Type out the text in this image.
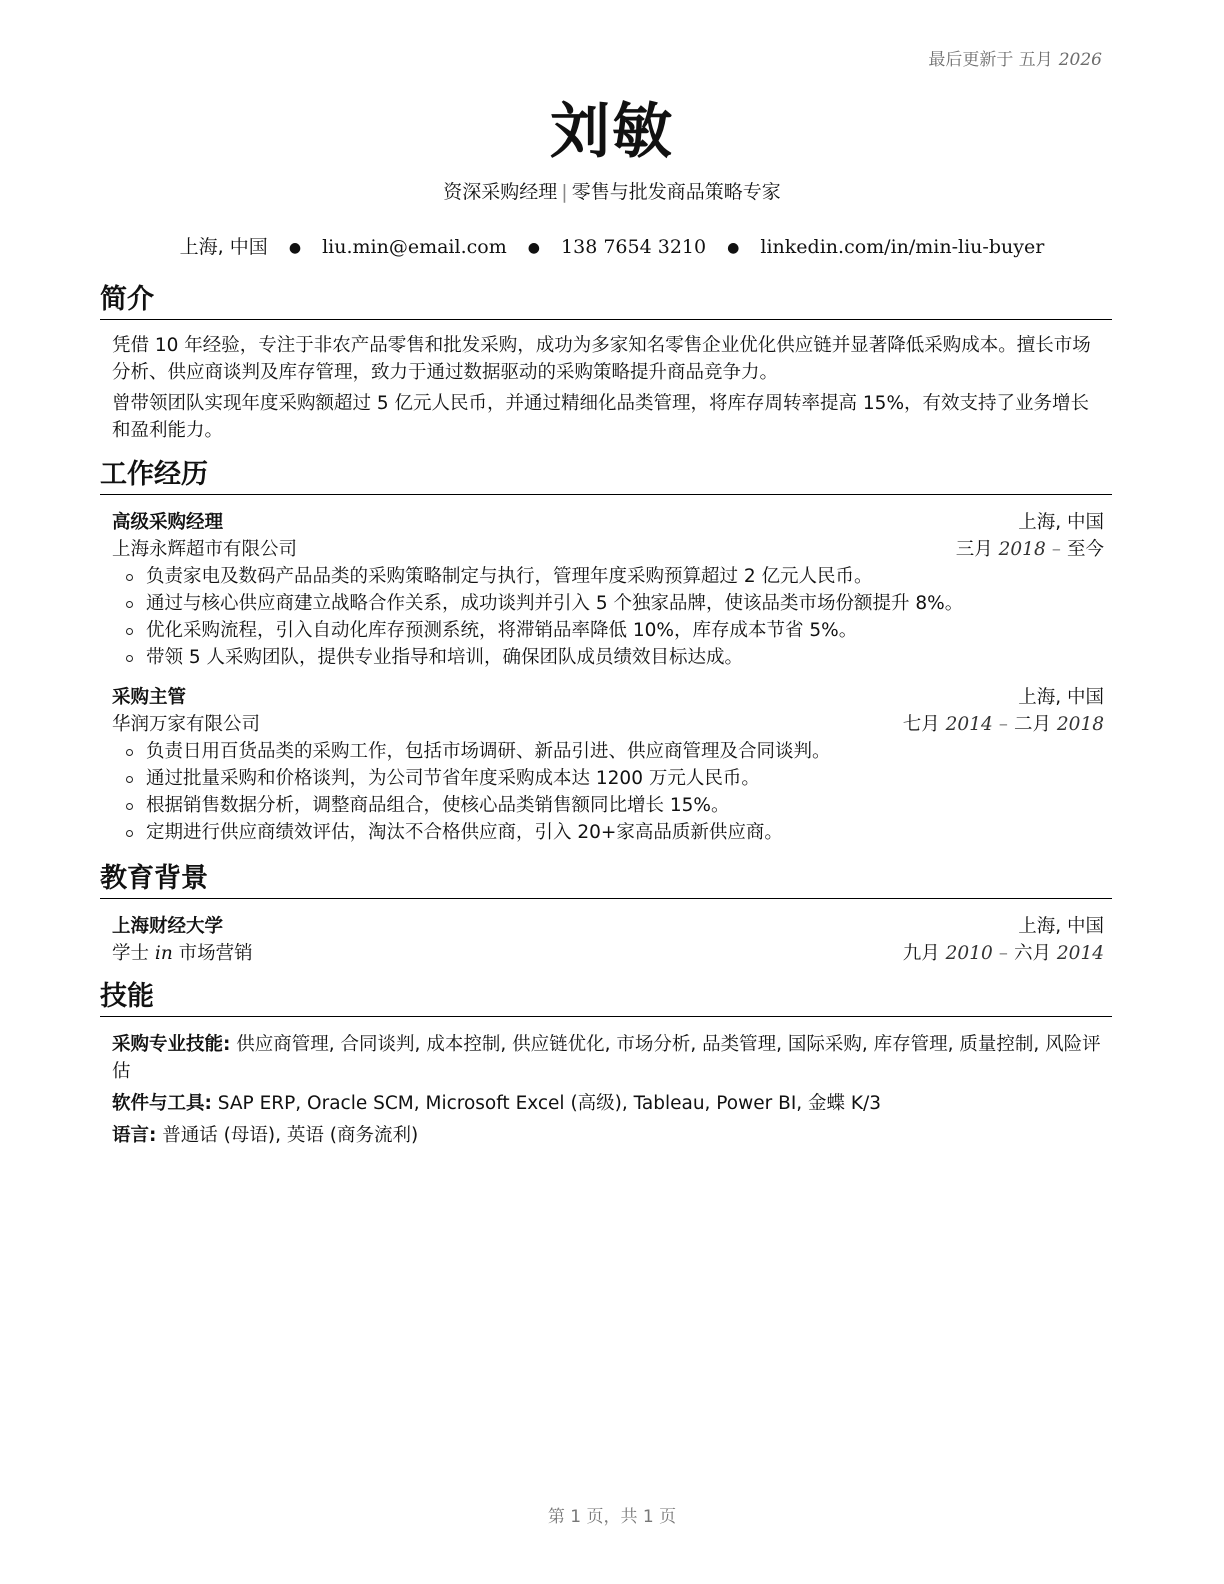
最后更新于 五月 2026
刘敏
资深采购经理 | 零售与批发商品策略专家
上海, 中国 ● liu.min@email.com ● 138 7654 3210 ● linkedin.com/in/min-liu-buyer
简介

凭借 10 年经验，专注于非农产品零售和批发采购，成功为多家知名零售企业优化供应链并显著降低采购成本。擅长市场分析、供应商谈判及库存管理，致力于通过数据驱动的采购策略提升商品竞争力。

曾带领团队实现年度采购额超过 5 亿元人民币，并通过精细化品类管理，将库存周转率提高 15%，有效支持了业务增长和盈利能力。

工作经历
高级采购经理	上海, 中国
上海永辉超市有限公司	三月 2018 – 至今
负责家电及数码产品品类的采购策略制定与执行，管理年度采购预算超过 2 亿元人民币。
通过与核心供应商建立战略合作关系，成功谈判并引入 5 个独家品牌，使该品类市场份额提升 8%。
优化采购流程，引入自动化库存预测系统，将滞销品率降低 10%，库存成本节省 5%。
带领 5 人采购团队，提供专业指导和培训，确保团队成员绩效目标达成。
采购主管	上海, 中国
华润万家有限公司	七月 2014 – 二月 2018
负责日用百货品类的采购工作，包括市场调研、新品引进、供应商管理及合同谈判。
通过批量采购和价格谈判，为公司节省年度采购成本达 1200 万元人民币。
根据销售数据分析，调整商品组合，使核心品类销售额同比增长 15%。
定期进行供应商绩效评估，淘汰不合格供应商，引入 20+家高品质新供应商。
教育背景
上海财经大学	上海, 中国
学士 in 市场营销	九月 2010 – 六月 2014
技能
采购专业技能: 供应商管理, 合同谈判, 成本控制, 供应链优化, 市场分析, 品类管理, 国际采购, 库存管理, 质量控制, 风险评估
软件与工具: SAP ERP, Oracle SCM, Microsoft Excel (高级), Tableau, Power BI, 金蝶 K/3
语言: 普通话 (母语), 英语 (商务流利)
第 1 页，共 1 页
